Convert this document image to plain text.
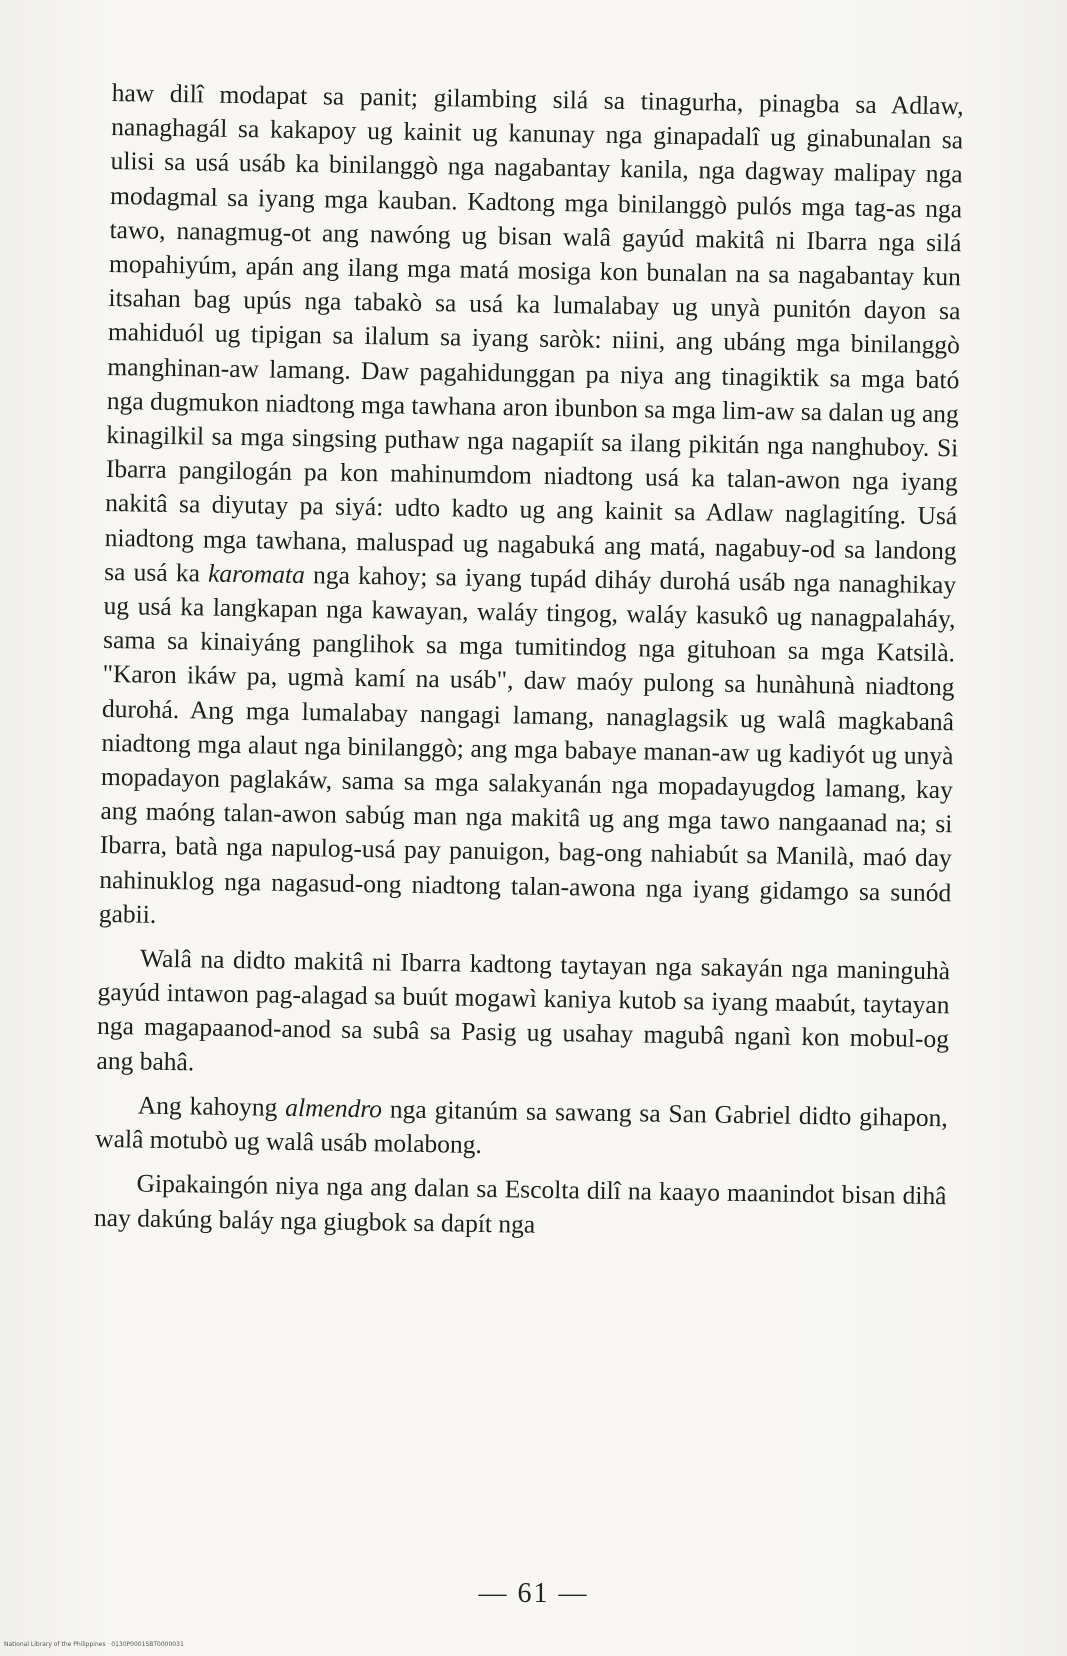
haw dilî modapat sa panit; gilambing silá sa tinagurha, pinagba sa Adlaw, nanaghagál sa kakapoy ug kainit ug kanunay nga ginapadalî ug ginabunalan sa ulisi sa usá usáb ka binilanggò nga nagabantay kanila, nga dagway malipay nga modagmal sa iyang mga kauban. Kadtong mga binilanggò pulós mga tag-as nga tawo, nanagmug-ot ang nawóng ug bisan walâ gayúd makitâ ni Ibarra nga silá mopahiyúm, apán ang ilang mga matá mosiga kon bunalan na sa nagabantay kun itsahan bag upús nga tabakò sa usá ka lumalabay ug unyà punitón dayon sa mahiduól ug tipigan sa ilalum sa iyang saròk: niini, ang ubáng mga binilanggò manghinan-aw lamang. Daw pagahidunggan pa niya ang tinagiktik sa mga bató nga dugmukon niadtong mga tawhana aron ibunbon sa mga lim-aw sa dalan ug ang kinagilkil sa mga singsing puthaw nga nagapiít sa ilang pikitán nga nanghuboy. Si Ibarra pangilogán pa kon mahinumdom niadtong usá ka talan-awon nga iyang nakitâ sa diyutay pa siyá: udto kadto ug ang kainit sa Adlaw naglagitíng. Usá niadtong mga tawhana, maluspad ug nagabuká ang matá, nagabuy-od sa landong sa usá ka karomata nga kahoy; sa iyang tupád diháy durohá usáb nga nanaghikay ug usá ka langkapan nga kawayan, waláy tingog, waláy kasukô ug nanagpalaháy, sama sa kinaiyáng panglihok sa mga tumitindog nga gituhoan sa mga Katsilà. "Karon ikáw pa, ugmà kamí na usáb", daw maóy pulong sa hunàhunà niadtong durohá. Ang mga lumalabay nangagi lamang, nanaglagsik ug walâ magkabanâ niadtong mga alaut nga binilanggò; ang mga babaye manan-aw ug kadiyót ug unyà mopadayon paglakáw, sama sa mga salakyanán nga mopadayugdog lamang, kay ang maóng talan-awon sabúg man nga makitâ ug ang mga tawo nangaanad na; si Ibarra, batà nga napulog-usá pay panuigon, bag-ong nahiabút sa Manilà, maó day nahinuklog nga nagasud-ong niadtong talan-awona nga iyang gidamgo sa sunód gabii.

Walâ na didto makitâ ni Ibarra kadtong taytayan nga sakayán nga maninguhà gayúd intawon pag-alagad sa buút mogawì kaniya kutob sa iyang maabút, taytayan nga magapaanod-anod sa subâ sa Pasig ug usahay magubâ nganì kon mobul-og ang bahâ.

Ang kahoyng almendro nga gitanúm sa sawang sa San Gabriel didto gihapon, walâ motubò ug walâ usáb molabong.

Gipakaingón niya nga ang dalan sa Escolta dilî na kaayo maanindot bisan dihâ nay dakúng baláy nga giugbok sa dapít nga

— 61 —
National Library of the Philippines · 0130P0001SBT0000031
